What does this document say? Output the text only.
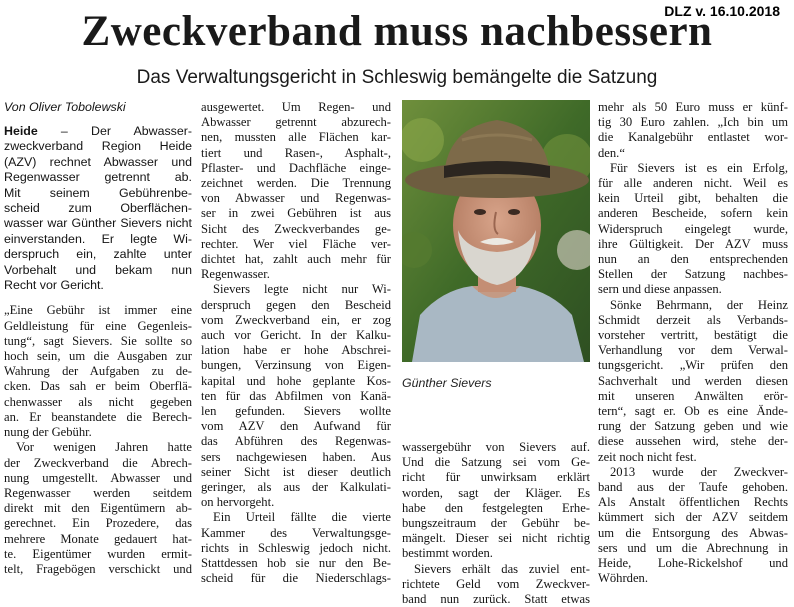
DLZ v. 16.10.2018
Zweckverband muss nachbessern
Das Verwaltungsgericht in Schleswig bemängelte die Satzung

Von Oliver Tobolewski

Heide – Der Abwasser-
zweckverband Region Heide
(AZV) rechnet Abwasser und
Regenwasser getrennt ab.
Mit seinem Gebührenbe-
scheid zum Oberflächen-
wasser war Günther Sievers nicht
einverstanden. Er legte Wi-
derspruch ein, zahlte unter
Vorbehalt und bekam nun
Recht vor Gericht.
„Eine Gebühr ist immer eine
Geldleistung für eine Gegenleis-
tung“, sagt Sievers. Sie sollte so
hoch sein, um die Ausgaben zur
Wahrung der Aufgaben zu de-
cken. Das sah er beim Oberflä-
chenwasser als nicht gegeben
an. Er beanstandete die Berech-
nung der Gebühr.
Vor wenigen Jahren hatte
der Zweckverband die Abrech-
nung umgestellt. Abwasser und
Regenwasser werden seitdem
direkt mit den Eigentümern ab-
gerechnet. Ein Prozedere, das
mehrere Monate gedauert hat-
te. Eigentümer wurden ermit-
telt, Fragebögen verschickt und
ausgewertet. Um Regen- und
Abwasser getrennt abzurech-
nen, mussten alle Flächen kar-
tiert und Rasen-, Asphalt-,
Pflaster- und Dachfläche einge-
zeichnet werden. Die Trennung
von Abwasser und Regenwas-
ser in zwei Gebühren ist aus
Sicht des Zweckverbandes ge-
rechter. Wer viel Fläche ver-
dichtet hat, zahlt auch mehr für
Regenwasser.
Sievers legte nicht nur Wi-
derspruch gegen den Bescheid
vom Zweckverband ein, er zog
auch vor Gericht. In der Kalku-
lation habe er hohe Abschrei-
bungen, Verzinsung von Eigen-
kapital und hohe geplante Kos-
ten für das Abfilmen von Kanä-
len gefunden. Sievers wollte
vom AZV den Aufwand für
das Abführen des Regenwas-
sers nachgewiesen haben. Aus
seiner Sicht ist dieser deutlich
geringer, als aus der Kalkulati-
on hervorgeht.
Ein Urteil fällte die vierte
Kammer des Verwaltungsge-
richts in Schleswig jedoch nicht.
Stattdessen hob sie nur den Be-
scheid für die Niederschlags-
Günther Sievers
wassergebühr von Sievers auf.
Und die Satzung sei vom Ge-
richt für unwirksam erklärt
worden, sagt der Kläger. Es
habe den festgelegten Erhe-
bungszeitraum der Gebühr be-
mängelt. Dieser sei nicht richtig
bestimmt worden.
Sievers erhält das zuviel ent-
richtete Geld vom Zweckver-
band nun zurück. Statt etwas
mehr als 50 Euro muss er künf-
tig 30 Euro zahlen. „Ich bin um
die Kanalgebühr entlastet wor-
den.“
Für Sievers ist es ein Erfolg,
für alle anderen nicht. Weil es
kein Urteil gibt, behalten die
anderen Bescheide, sofern kein
Widerspruch eingelegt wurde,
ihre Gültigkeit. Der AZV muss
nun an den entsprechenden
Stellen der Satzung nachbes-
sern und diese anpassen.
Sönke Behrmann, der Heinz
Schmidt derzeit als Verbands-
vorsteher vertritt, bestätigt die
Verhandlung vor dem Verwal-
tungsgericht. „Wir prüfen den
Sachverhalt und werden diesen
mit unseren Anwälten erör-
tern“, sagt er. Ob es eine Ände-
rung der Satzung geben und wie
diese aussehen wird, stehe der-
zeit noch nicht fest.
2013 wurde der Zweckver-
band aus der Taufe gehoben.
Als Anstalt öffentlichen Rechts
kümmert sich der AZV seitdem
um die Entsorgung des Abwas-
sers und um die Abrechnung in
Heide, Lohe-Rickelshof und
Wöhrden.
